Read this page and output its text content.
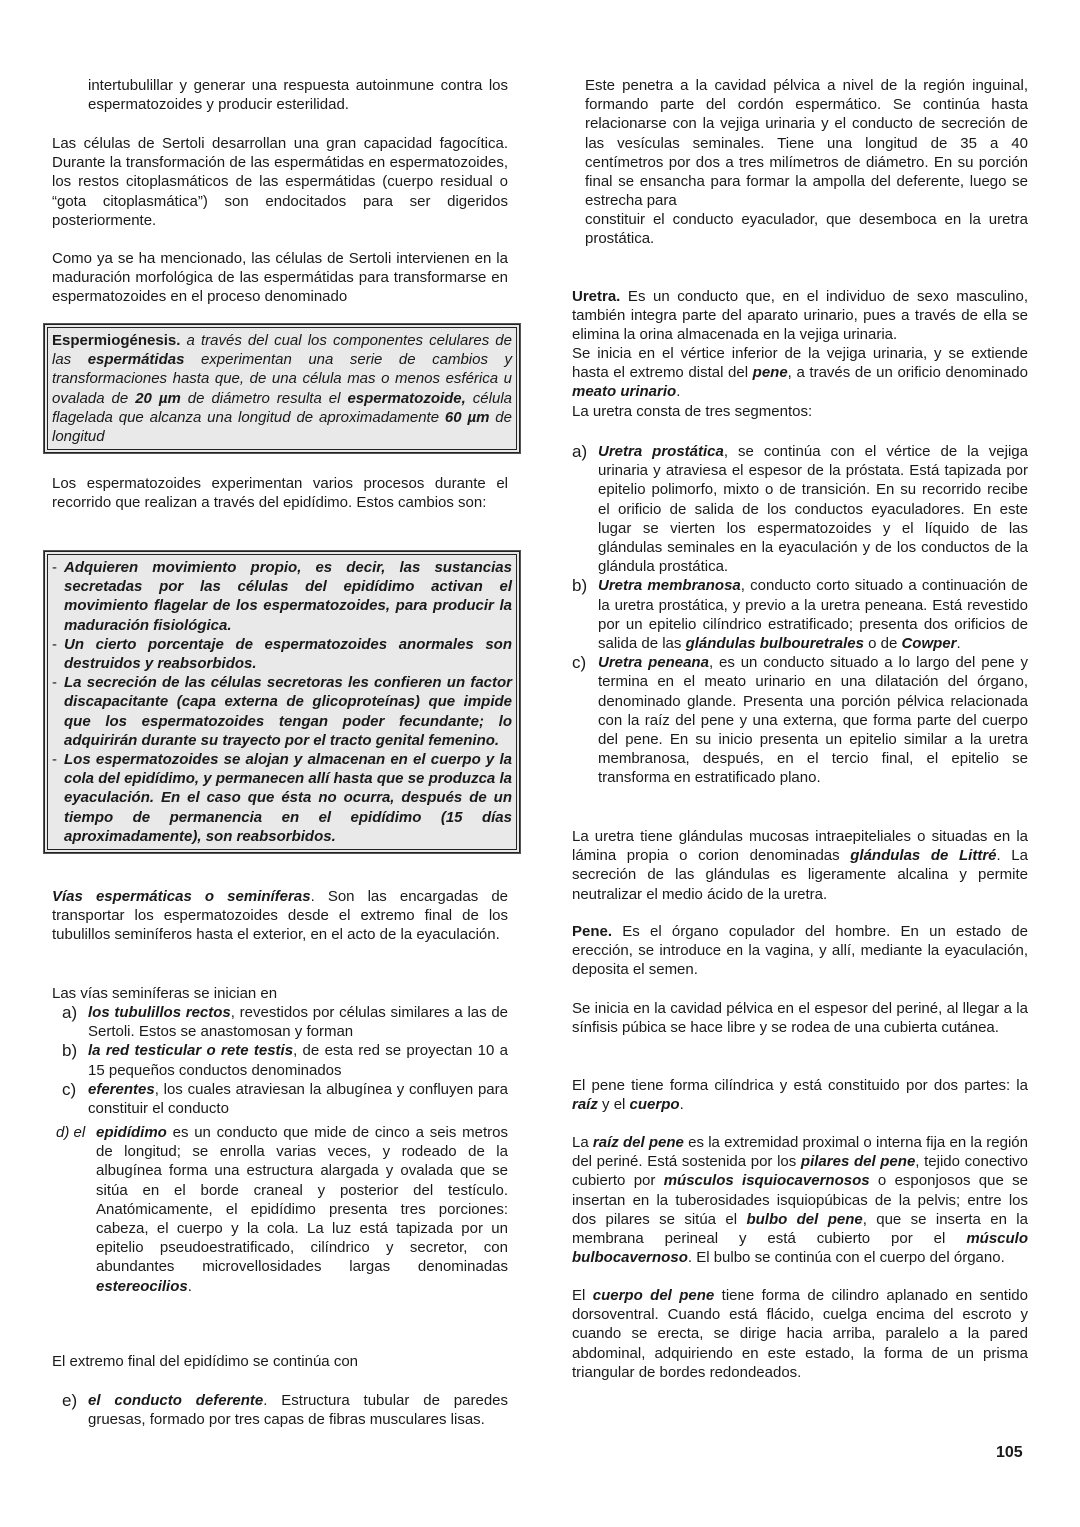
intertubulillar y generar una respuesta autoinmune contra los espermatozoides y producir esterilidad.
Las células de Sertoli desarrollan una gran capacidad fagocítica. Durante la transformación de las espermátidas en espermatozoides, los restos citoplasmáticos de las espermátidas (cuerpo residual o “gota citoplasmática”) son endocitados para ser digeridos posteriormente.
Como ya se ha mencionado, las células de Sertoli intervienen en la maduración morfológica de las espermátidas para transformarse en espermatozoides en el proceso denominado
Espermiogénesis. a través del cual los componentes celulares de las espermátidas experimentan una serie de cambios y transformaciones hasta que, de una célula mas o menos esférica u ovalada de 20 µm de diámetro resulta el espermatozoide, célula flagelada que alcanza una longitud de aproximadamente 60 µm de longitud
Los espermatozoides experimentan varios procesos durante el recorrido que realizan a través del epidídimo. Estos cambios son:
- Adquieren movimiento propio, es decir, las sustancias secretadas por las células del epidídimo activan el movimiento flagelar de los espermatozoides, para producir la maduración fisiológica.
- Un cierto porcentaje de espermatozoides anormales son destruidos y reabsorbidos.
- La secreción de las células secretoras les confieren un factor discapacitante (capa externa de glicoproteínas) que impide que los espermatozoides tengan poder fecundante; lo adquirirán durante su trayecto por el tracto genital femenino.
- Los espermatozoides se alojan y almacenan en el cuerpo y la cola del epidídimo, y permanecen allí hasta que se produzca la eyaculación. En el caso que ésta no ocurra, después de un tiempo de permanencia en el epidídimo (15 días aproximadamente), son reabsorbidos.
Vías espermáticas o seminíferas. Son las encargadas de transportar los espermatozoides desde el extremo final de los tubulillos seminíferos hasta el exterior, en el acto de la eyaculación.
Las vías seminíferas se inician en
a) los tubulillos rectos, revestidos por células similares a las de Sertoli. Estos se anastomosan y forman
b) la red testicular o rete testis, de esta red se proyectan 10 a 15 pequeños conductos denominados
c) eferentes, los cuales atraviesan la albugínea y confluyen para constituir el conducto
d) el epidídimo es un conducto que mide de cinco a seis metros de longitud; se enrolla varias veces, y rodeado de la albugínea forma una estructura alargada y ovalada que se sitúa en el borde craneal y posterior del testículo. Anatómicamente, el epidídimo presenta tres porciones: cabeza, el cuerpo y la cola. La luz está tapizada por un epitelio pseudoestratificado, cilíndrico y secretor, con abundantes microvellosidades largas denominadas estereocilios.
El extremo final del epidídimo se continúa con
e) el conducto deferente. Estructura tubular de paredes gruesas, formado por tres capas de fibras musculares lisas.
Este penetra a la cavidad pélvica a nivel de la región inguinal, formando parte del cordón espermático. Se continúa hasta relacionarse con la vejiga urinaria y el conducto de secreción de las vesículas seminales. Tiene una longitud de 35 a 40 centímetros por dos a tres milímetros de diámetro. En su porción final se ensancha para formar la ampolla del deferente, luego se estrecha para
constituir el conducto eyaculador, que desemboca en la uretra prostática.
Uretra. Es un conducto que, en el individuo de sexo masculino, también integra parte del aparato urinario, pues a través de ella se elimina la orina almacenada en la vejiga urinaria.
Se inicia en el vértice inferior de la vejiga urinaria, y se extiende hasta el extremo distal del pene, a través de un orificio denominado meato urinario.
La uretra consta de tres segmentos:
a) Uretra prostática, se continúa con el vértice de la vejiga urinaria y atraviesa el espesor de la próstata. Está tapizada por epitelio polimorfo, mixto o de transición. En su recorrido recibe el orificio de salida de los conductos eyaculadores. En este lugar se vierten los espermatozoides y el líquido de las glándulas seminales en la eyaculación y de los conductos de la glándula prostática.
b) Uretra membranosa, conducto corto situado a continuación de la uretra prostática, y previo a la uretra peneana. Está revestido por un epitelio cilíndrico estratificado; presenta dos orificios de salida de las glándulas bulbouretrales o de Cowper.
c) Uretra peneana, es un conducto situado a lo largo del pene y termina en el meato urinario en una dilatación del órgano, denominado glande. Presenta una porción pélvica relacionada con la raíz del pene y una externa, que forma parte del cuerpo del pene. En su inicio presenta un epitelio similar a la uretra membranosa, después, en el tercio final, el epitelio se transforma en estratificado plano.
La uretra tiene glándulas mucosas intraepiteliales o situadas en la lámina propia o corion denominadas glándulas de Littré. La secreción de las glándulas es ligeramente alcalina y permite neutralizar el medio ácido de la uretra.
Pene. Es el órgano copulador del hombre. En un estado de erección, se introduce en la vagina, y allí, mediante la eyaculación, deposita el semen.
Se inicia en la cavidad pélvica en el espesor del periné, al llegar a la sínfisis púbica se hace libre y se rodea de una cubierta cutánea.
El pene tiene forma cilíndrica y está constituido por dos partes: la raíz y el cuerpo.
La raíz del pene es la extremidad proximal o interna fija en la región del periné. Está sostenida por los pilares del pene, tejido conectivo cubierto por músculos isquiocavernosos o esponjosos que se insertan en la tuberosidades isquiopúbicas de la pelvis; entre los dos pilares se sitúa el bulbo del pene, que se inserta en la membrana perineal y está cubierto por el músculo bulbocavernoso. El bulbo se continúa con el cuerpo del órgano.
El cuerpo del pene tiene forma de cilindro aplanado en sentido dorsoventral. Cuando está flácido, cuelga encima del escroto y cuando se erecta, se dirige hacia arriba, paralelo a la pared abdominal, adquiriendo en este estado, la forma de un prisma triangular de bordes redondeados.
105
